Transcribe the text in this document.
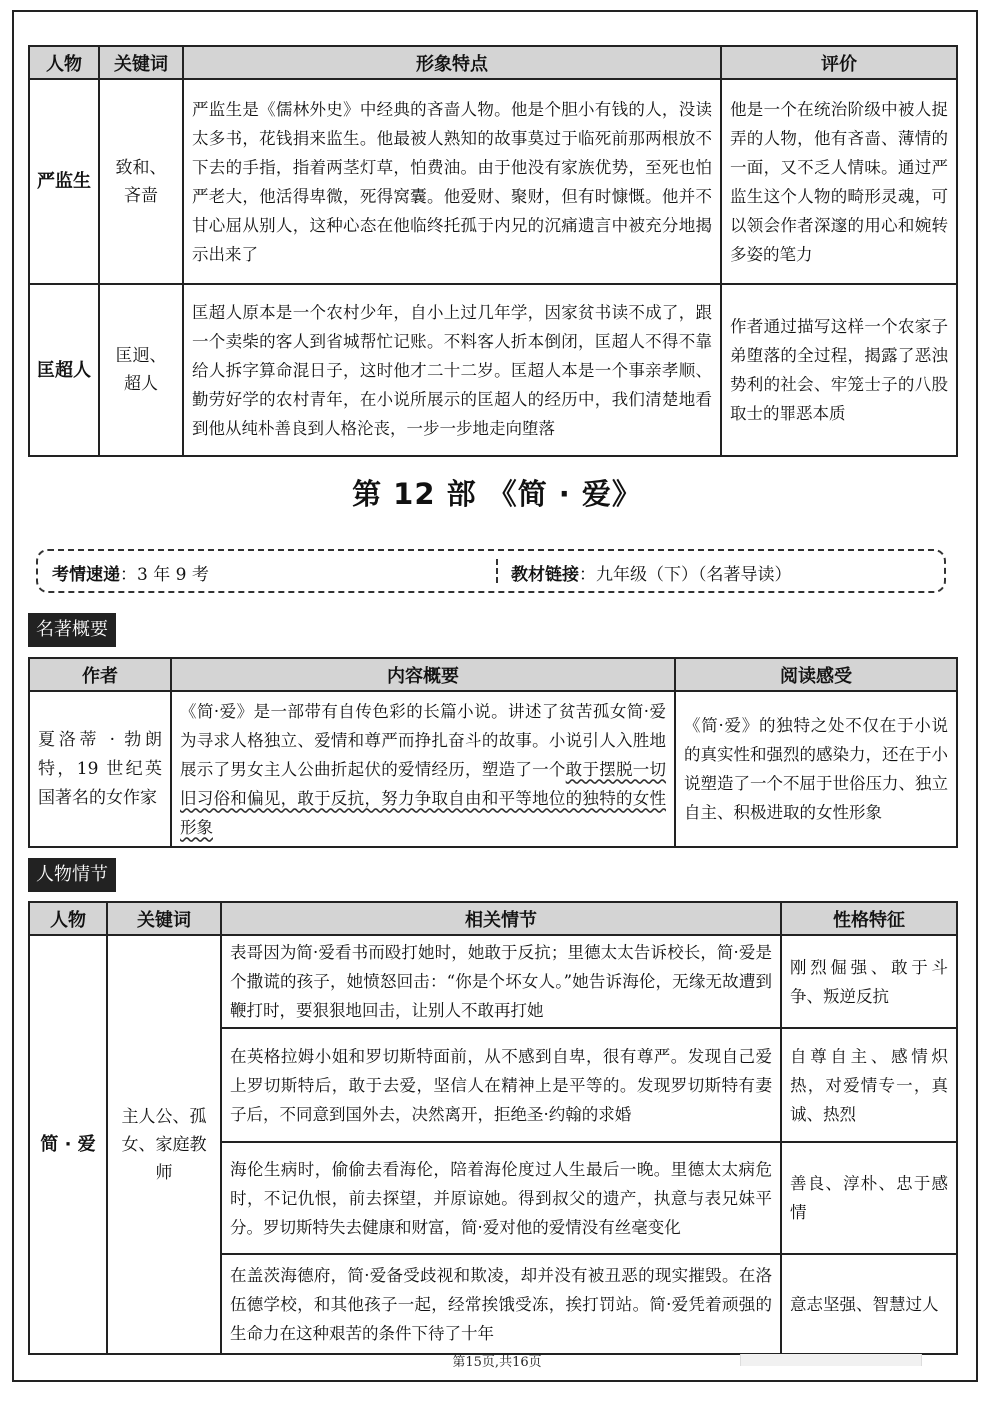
人物	关键词	形象特点	评价
严监生	致和、吝啬	严监生是《儒林外史》中经典的吝啬人物。他是个胆小有钱的人，没读太多书，花钱捐来监生。他最被人熟知的故事莫过于临死前那两根放不下去的手指，指着两茎灯草，怕费油。由于他没有家族优势，至死也怕严老大，他活得卑微，死得窝囊。他爱财、聚财，但有时慷慨。他并不甘心屈从别人，这种心态在他临终托孤于内兄的沉痛遗言中被充分地揭示出来了	他是一个在统治阶级中被人捉弄的人物，他有吝啬、薄情的一面，又不乏人情味。通过严监生这个人物的畸形灵魂，可以领会作者深邃的用心和婉转多姿的笔力
匡超人	匡迥、超人	匡超人原本是一个农村少年，自小上过几年学，因家贫书读不成了，跟一个卖柴的客人到省城帮忙记账。不料客人折本倒闭，匡超人不得不靠给人拆字算命混日子，这时他才二十二岁。匡超人本是一个事亲孝顺、勤劳好学的农村青年，在小说所展示的匡超人的经历中，我们清楚地看到他从纯朴善良到人格沦丧，一步一步地走向堕落	作者通过描写这样一个农家子弟堕落的全过程，揭露了恶浊势利的社会、牢笼士子的八股取士的罪恶本质
第 12 部 《简 · 爱》
考情速递：3 年 9 考	教材链接：九年级（下）（名著导读）
名著概要
作者	内容概要	阅读感受
夏洛蒂 · 勃朗特，19 世纪英国著名的女作家	《简·爱》是一部带有自传色彩的长篇小说。讲述了贫苦孤女简·爱为寻求人格独立、爱情和尊严而挣扎奋斗的故事。小说引人入胜地展示了男女主人公曲折起伏的爱情经历，塑造了一个敢于摆脱一切旧习俗和偏见，敢于反抗，努力争取自由和平等地位的独特的女性形象	《简·爱》的独特之处不仅在于小说的真实性和强烈的感染力，还在于小说塑造了一个不屈于世俗压力、独立自主、积极进取的女性形象
人物情节
人物	关键词	相关情节	性格特征
简 · 爱	主人公、孤女、家庭教师	表哥因为简·爱看书而殴打她时，她敢于反抗；里德太太告诉校长，简·爱是个撒谎的孩子，她愤怒回击：“你是个坏女人。”她告诉海伦，无缘无故遭到鞭打时，要狠狠地回击，让别人不敢再打她	刚烈倔强、敢于斗争、叛逆反抗
		在英格拉姆小姐和罗切斯特面前，从不感到自卑，很有尊严。发现自己爱上罗切斯特后，敢于去爱，坚信人在精神上是平等的。发现罗切斯特有妻子后，不同意到国外去，决然离开，拒绝圣·约翰的求婚	自尊自主、感情炽热，对爱情专一，真诚、热烈
		海伦生病时，偷偷去看海伦，陪着海伦度过人生最后一晚。里德太太病危时，不记仇恨，前去探望，并原谅她。得到叔父的遗产，执意与表兄妹平分。罗切斯特失去健康和财富，简·爱对他的爱情没有丝毫变化	善良、淳朴、忠于感情
		在盖茨海德府，简·爱备受歧视和欺凌，却并没有被丑恶的现实摧毁。在洛伍德学校，和其他孩子一起，经常挨饿受冻，挨打罚站。简·爱凭着顽强的生命力在这种艰苦的条件下待了十年	意志坚强、智慧过人
第15页,共16页
